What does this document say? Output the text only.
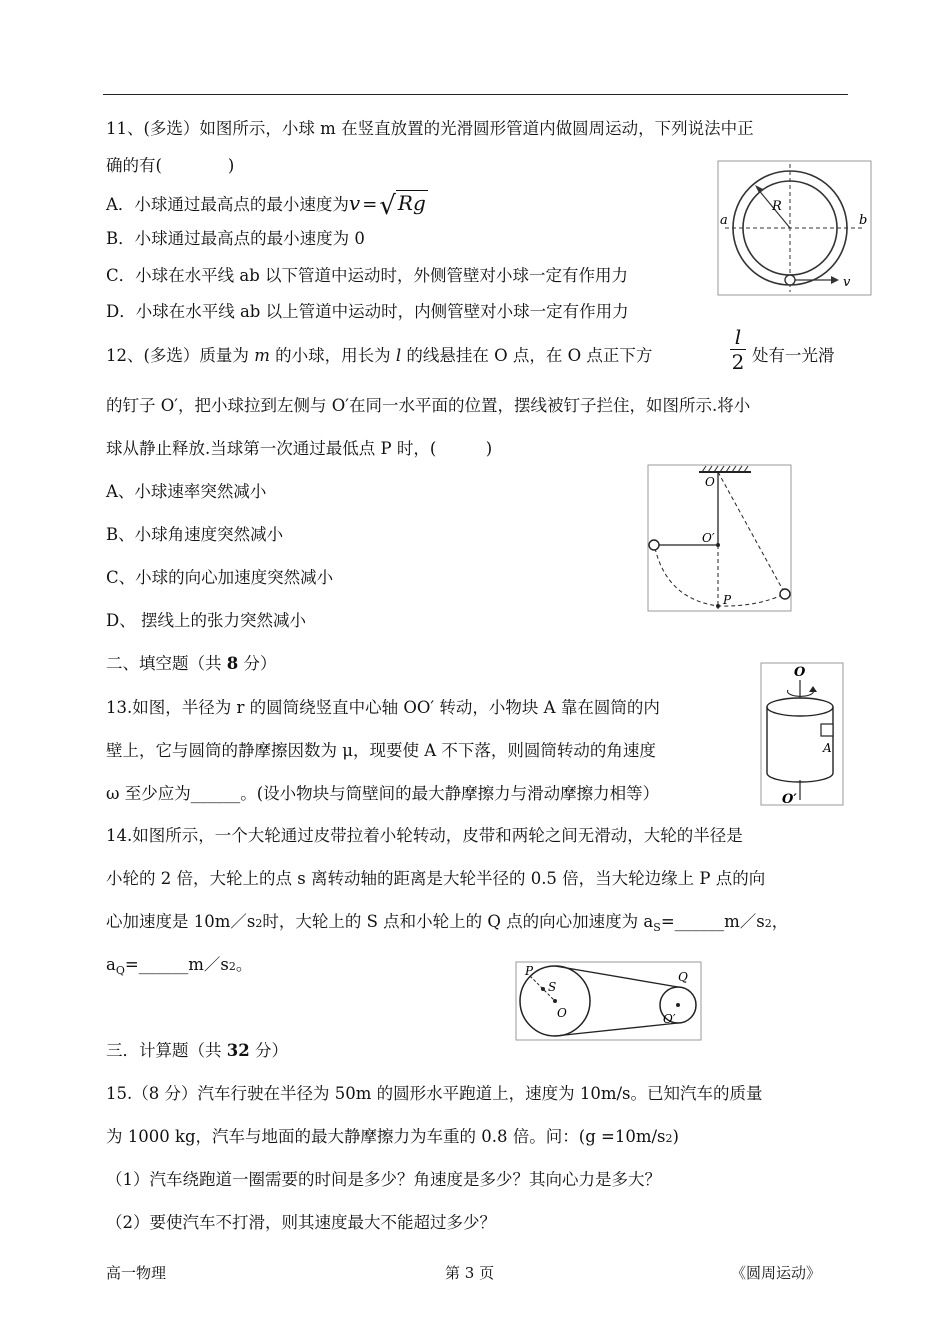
11、(多选）如图所示，小球 m 在竖直放置的光滑圆形管道内做圆周运动，下列说法中正
确的有(　　　　)
A．小球通过最高点的最小速度为v =√ Rg
B．小球通过最高点的最小速度为 0
C．小球在水平线 ab 以下管道中运动时，外侧管壁对小球一定有作用力
D．小球在水平线 ab 以上管道中运动时，内侧管壁对小球一定有作用力
R
a	b
v
12、(多选）质量为 m 的小球，用长为 l 的线悬挂在 O 点，在 O 点正下方
l
2 处有一光滑
的钉子 O′，把小球拉到左侧与 O′在同一水平面的位置，摆线被钉子拦住，如图所示.将小
球从静止释放.当球第一次通过最低点 P 时，(　　　)
A、小球速率突然减小
B、小球角速度突然减小
C、小球的向心加速度突然减小
D、 摆线上的张力突然减小
O
O′
P
二、填空题（共 8 分）
13.如图，半径为 r 的圆筒绕竖直中心轴 OO′ 转动，小物块 A 靠在圆筒的内
壁上，它与圆筒的静摩擦因数为 μ，现要使 A 不下落，则圆筒转动的角速度
ω 至少应为______。(设小物块与筒壁间的最大静摩擦力与滑动摩擦力相等）
O
A
O′
14.如图所示，一个大轮通过皮带拉着小轮转动，皮带和两轮之间无滑动，大轮的半径是
小轮的 2 倍，大轮上的点 s 离转动轴的距离是大轮半径的 0.5 倍，当大轮边缘上 P 点的向
心加速度是 10m／s2时，大轮上的 S 点和小轮上的 Q 点的向心加速度为 $a_S=\_\_\_\_\_\_m/s2$，
$a_Q=\_\_\_\_\_\_m/s2$。	P
S
O
Q
O′
三．计算题（共 32 分）
15.（8 分）汽车行驶在半径为 50m 的圆形水平跑道上，速度为 10m/s。已知汽车的质量
为 1000 kg，汽车与地面的最大静摩擦力为车重的 0.8 倍。问：(g =10m/s2)
（1）汽车绕跑道一圈需要的时间是多少？角速度是多少？其向心力是多大？
（2）要使汽车不打滑，则其速度最大不能超过多少？
高一物理	第 3 页	《圆周运动》
